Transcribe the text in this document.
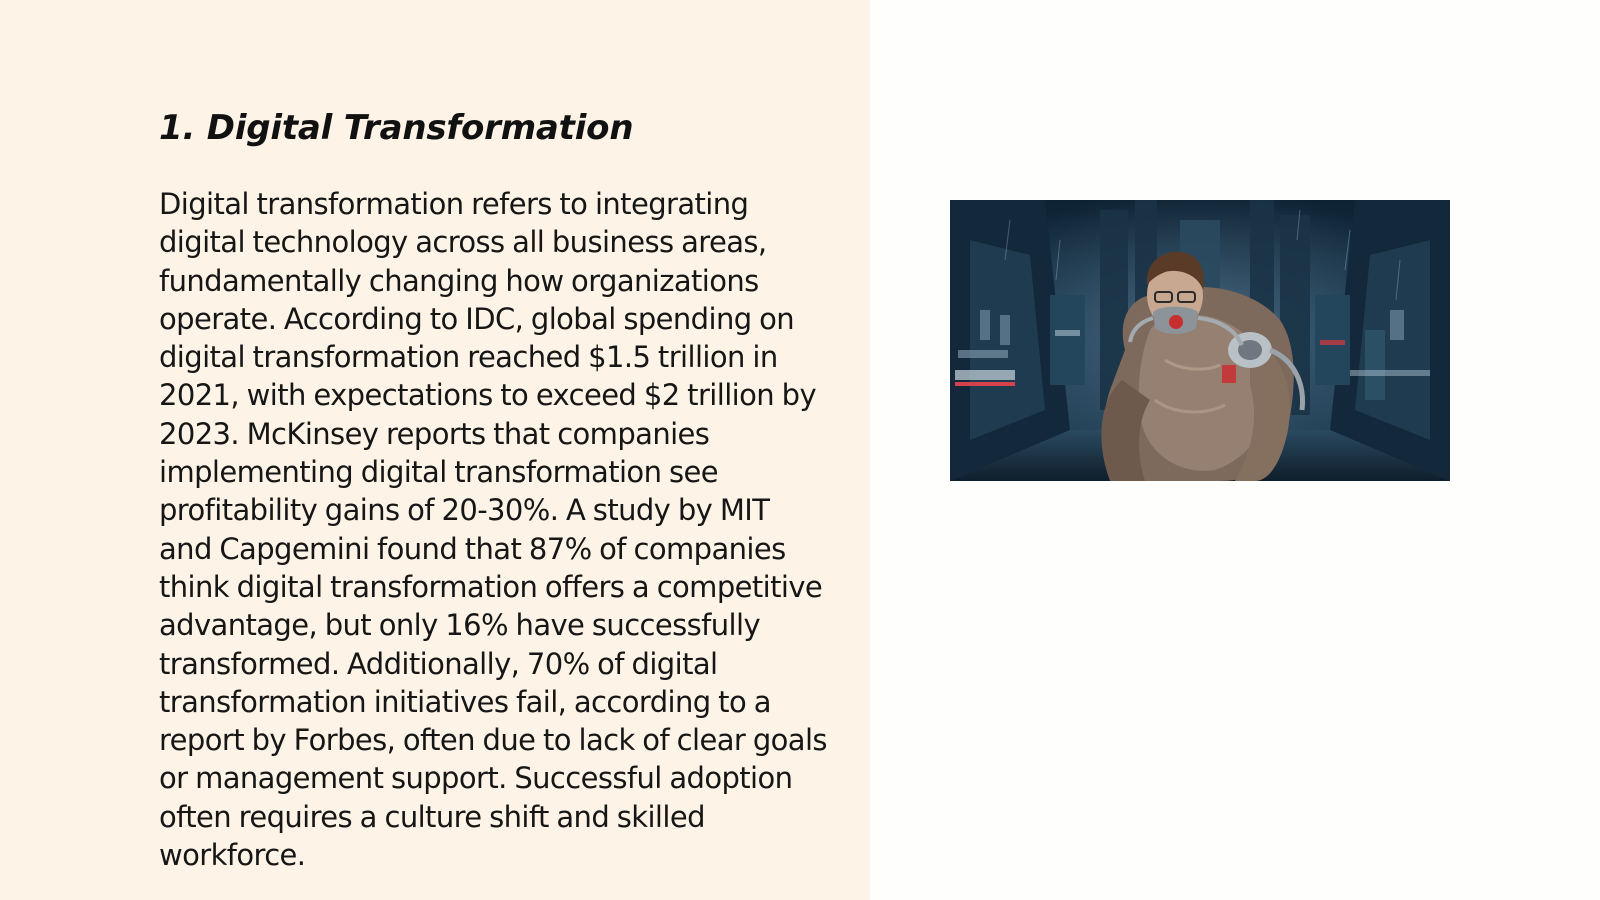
1. Digital Transformation

Digital transformation refers to integrating digital technology across all business areas, fundamentally changing how organizations operate. According to IDC, global spending on digital transformation reached $1.5 trillion in 2021, with expectations to exceed $2 trillion by 2023. McKinsey reports that companies implementing digital transformation see profitability gains of 20-30%. A study by MIT and Capgemini found that 87% of companies think digital transformation offers a competitive advantage, but only 16% have successfully transformed. Additionally, 70% of digital transformation initiatives fail, according to a report by Forbes, often due to lack of clear goals or management support. Successful adoption often requires a culture shift and skilled workforce.
